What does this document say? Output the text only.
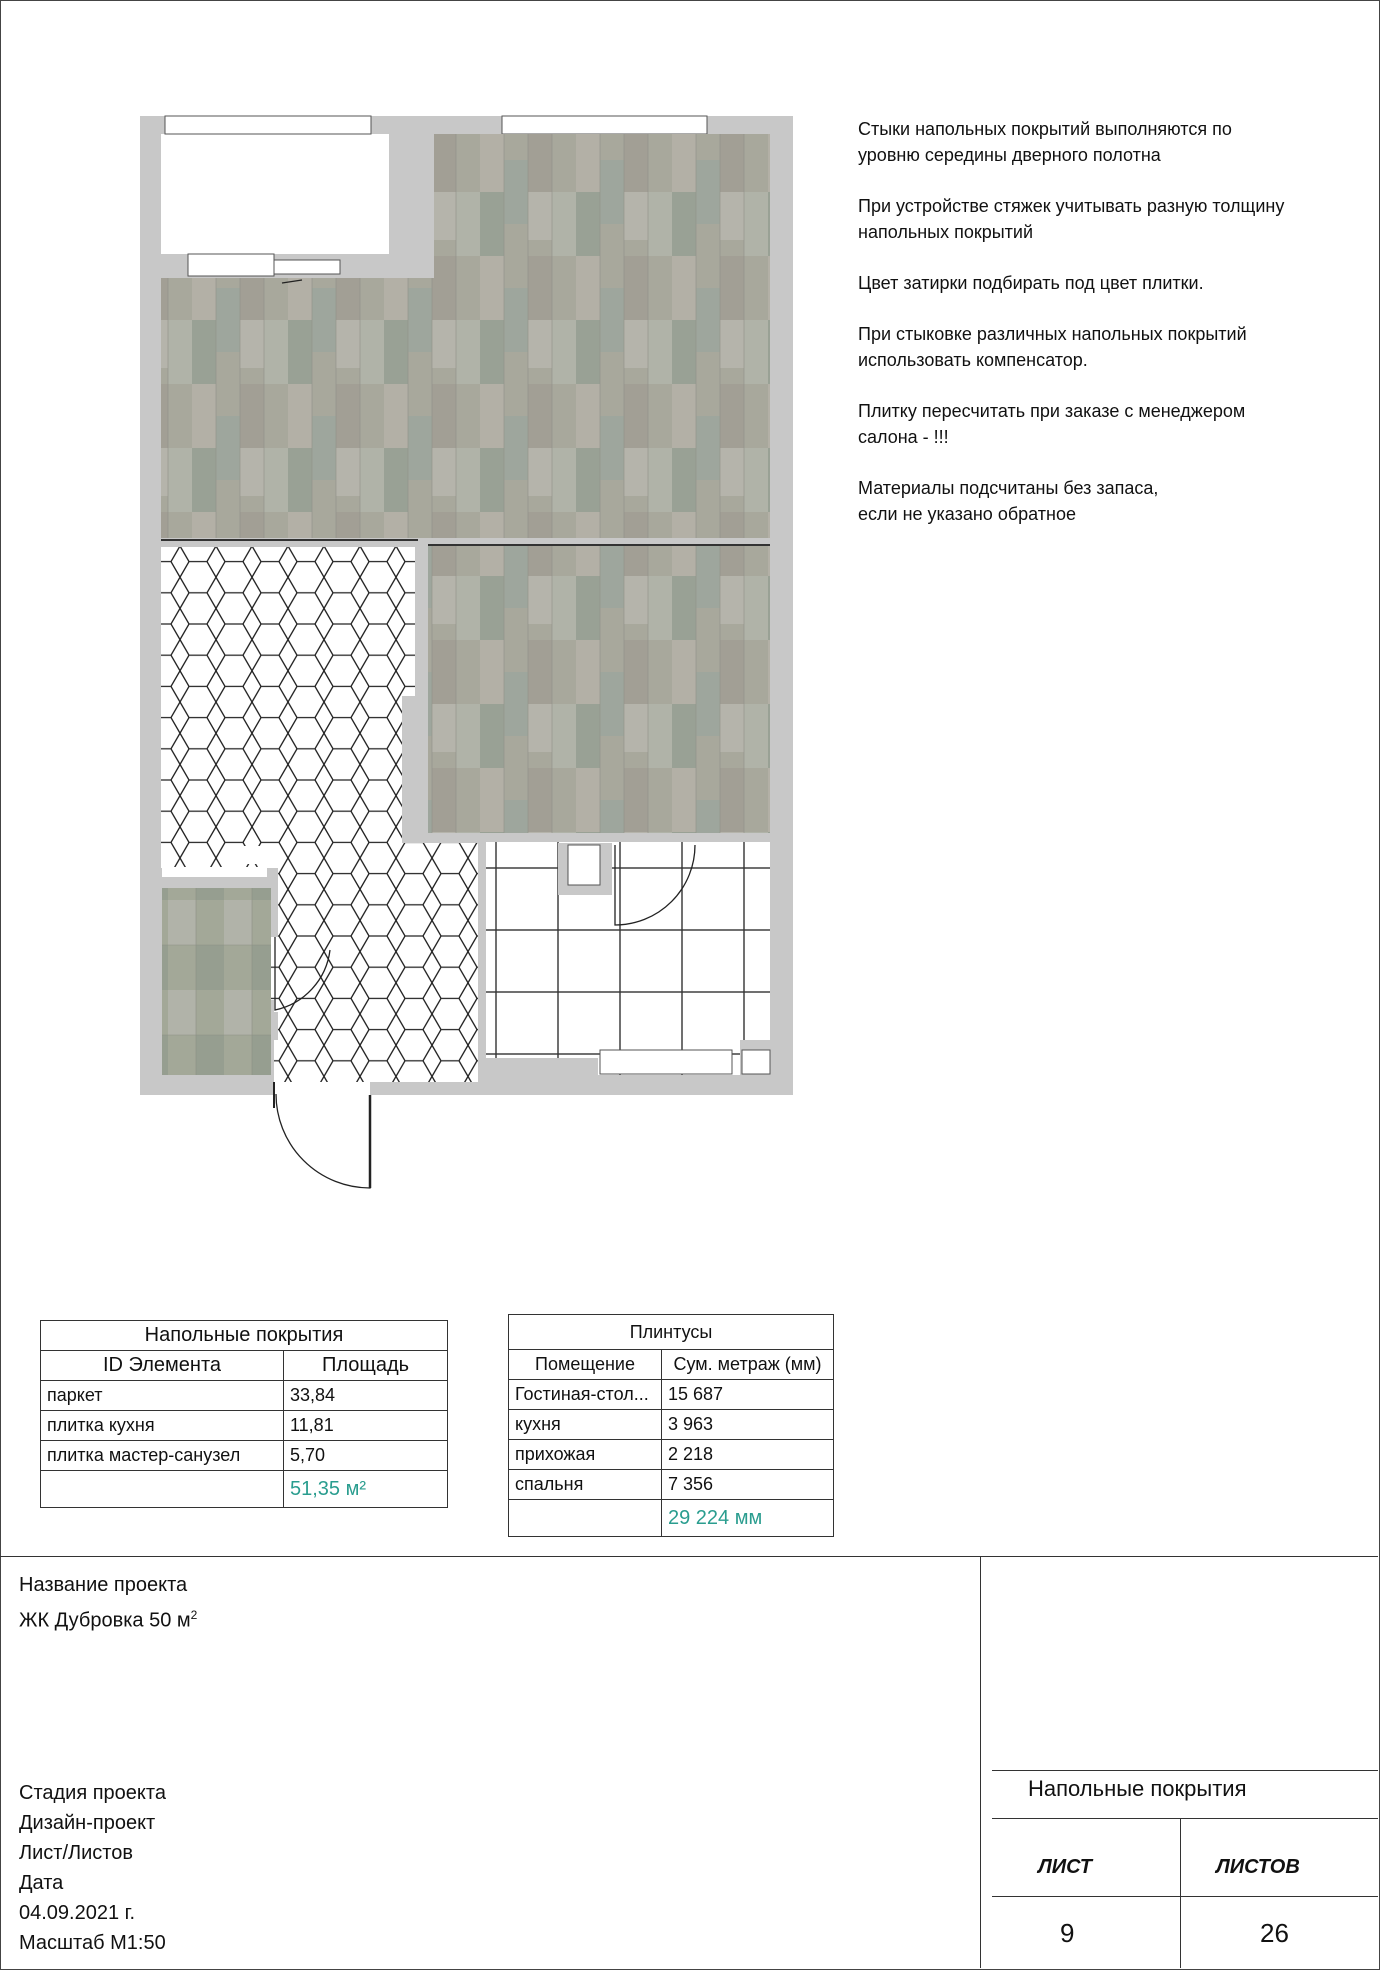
Стыки напольных покрытий выполняются по
уровню середины дверного полотна

При устройстве стяжек учитывать разную толщину
напольных покрытий

Цвет затирки подбирать под цвет плитки.

При стыковке различных напольных покрытий
использовать компенсатор.

Плитку пересчитать при заказе с менеджером
салона - !!!

Материалы подсчитаны без запаса,
если не указано обратное

Напольные покрытия	
ID Элемента	Площадь
паркет	33,84
плитка кухня	11,81
плитка мастер-санузел	5,70
	51,35 м²
Плинтусы	
Помещение	Сум. метраж (мм)
Гостиная-стол...	15 687
кухня	3 963
прихожая	2 218
спальня	7 356
	29 224 мм
Название проекта
ЖК Дубровка 50 $м^2$
Стадия проекта
Дизайн-проект
Лист/Листов
Дата
04.09.2021 г.
Масштаб М1:50
Напольные покрытия
ЛИСТ	ЛИСТОВ
9	26
